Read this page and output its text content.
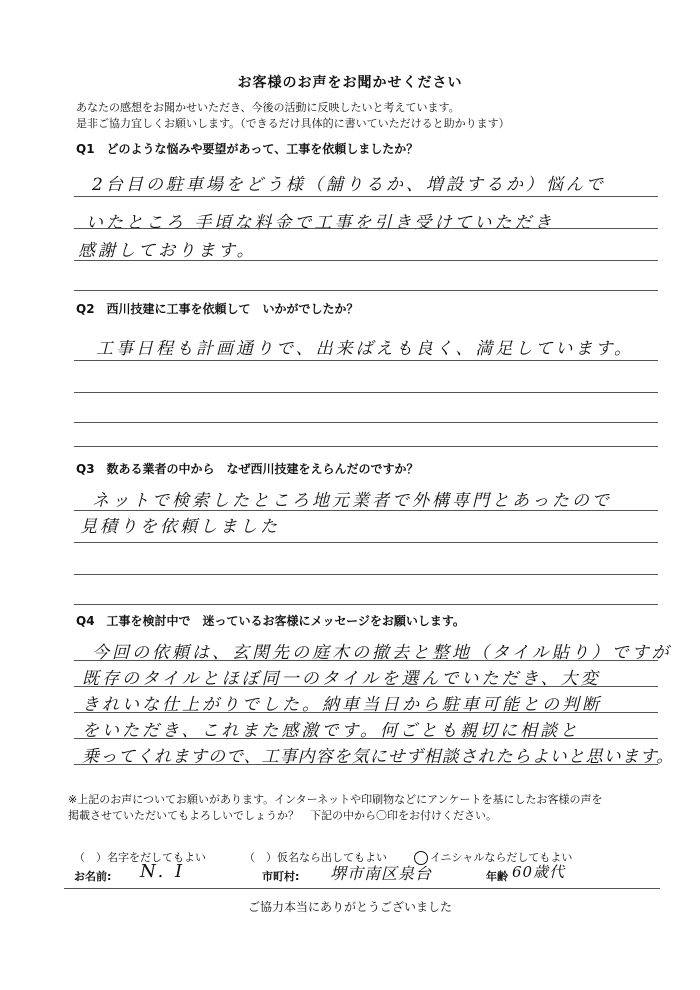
お客様のお声をお聞かせください
あなたの感想をお聞かせいただき、今後の活動に反映したいと考えています。
是非ご協力宜しくお願いします。（できるだけ具体的に書いていただけると助かります）
Q1　どのような悩みや要望があって、工事を依頼しましたか？
2台目の駐車場をどう様（舗りるか、増設するか）悩んで
いたところ 手頃な料金で工事を引き受けていただき
感謝しております。
Q2　西川技建に工事を依頼して　いかがでしたか？
工事日程も計画通りで、出来ばえも良く、満足しています。
Q3　数ある業者の中から　なぜ西川技建をえらんだのですか？
ネットで検索したところ地元業者で外構専門とあったので
見積りを依頼しました
Q4　工事を検討中で　迷っているお客様にメッセージをお願いします。
今回の依頼は、玄関先の庭木の撤去と整地（タイル貼り）ですが
既存のタイルとほぼ同一のタイルを選んでいただき、大変
きれいな仕上がりでした。納車当日から駐車可能との判断
をいただき、これまた感激です。何ごとも親切に相談と
乗ってくれますので、工事内容を気にせず相談されたらよいと思います。
※上記のお声についてお願いがあります。インターネットや印刷物などにアンケートを基にしたお客様の声を
掲載させていただいてもよろしいでしょうか？　下記の中から〇印をお付けください。
（　）名字をだしてもよい	（　）仮名なら出してもよい	イニシャルならだしてもよい
お名前: N. I	市町村: 堺市南区泉台	年齢 60歳代
ご協力本当にありがとうございました
